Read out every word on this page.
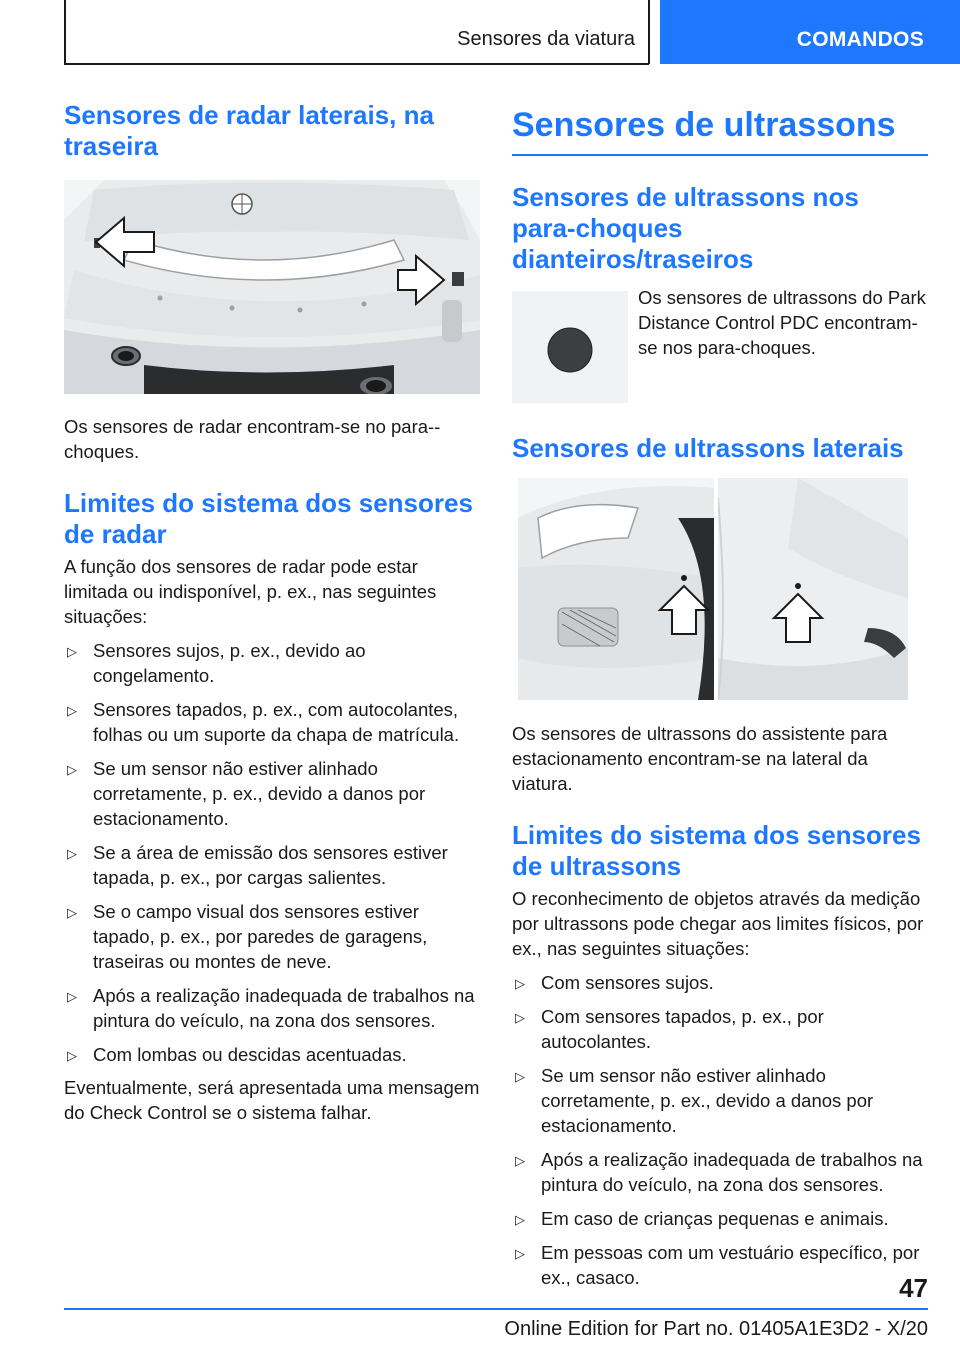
Sensores da viatura	COMANDOS
Sensores de radar laterais, na traseira

Os sensores de radar encontram-se no para--choques.

Limites do sistema dos sensores de radar

A função dos sensores de radar pode estar limitada ou indisponível, p. ex., nas seguintes situações:

▷ Sensores sujos, p. ex., devido ao congelamento.
▷ Sensores tapados, p. ex., com autocolantes, folhas ou um suporte da chapa de matrícula.
▷ Se um sensor não estiver alinhado corretamente, p. ex., devido a danos por estacionamento.
▷ Se a área de emissão dos sensores estiver tapada, p. ex., por cargas salientes.
▷ Se o campo visual dos sensores estiver tapado, p. ex., por paredes de garagens, traseiras ou montes de neve.
▷ Após a realização inadequada de trabalhos na pintura do veículo, na zona dos sensores.
▷ Com lombas ou descidas acentuadas.

Eventualmente, será apresentada uma mensagem do Check Control se o sistema falhar.

Sensores de ultrassons
Sensores de ultrassons nos para-choques dianteiros/traseiros

Os sensores de ultrassons do Park Distance Control PDC encontram-se nos para-choques.

Sensores de ultrassons laterais

Os sensores de ultrassons do assistente para estacionamento encontram-se na lateral da viatura.

Limites do sistema dos sensores de ultrassons

O reconhecimento de objetos através da medição por ultrassons pode chegar aos limites físicos, por ex., nas seguintes situações:

▷ Com sensores sujos.
▷ Com sensores tapados, p. ex., por autocolantes.
▷ Se um sensor não estiver alinhado corretamente, p. ex., devido a danos por estacionamento.
▷ Após a realização inadequada de trabalhos na pintura do veículo, na zona dos sensores.
▷ Em caso de crianças pequenas e animais.
▷ Em pessoas com um vestuário específico, por ex., casaco.	47
Online Edition for Part no. 01405A1E3D2 - X/20
